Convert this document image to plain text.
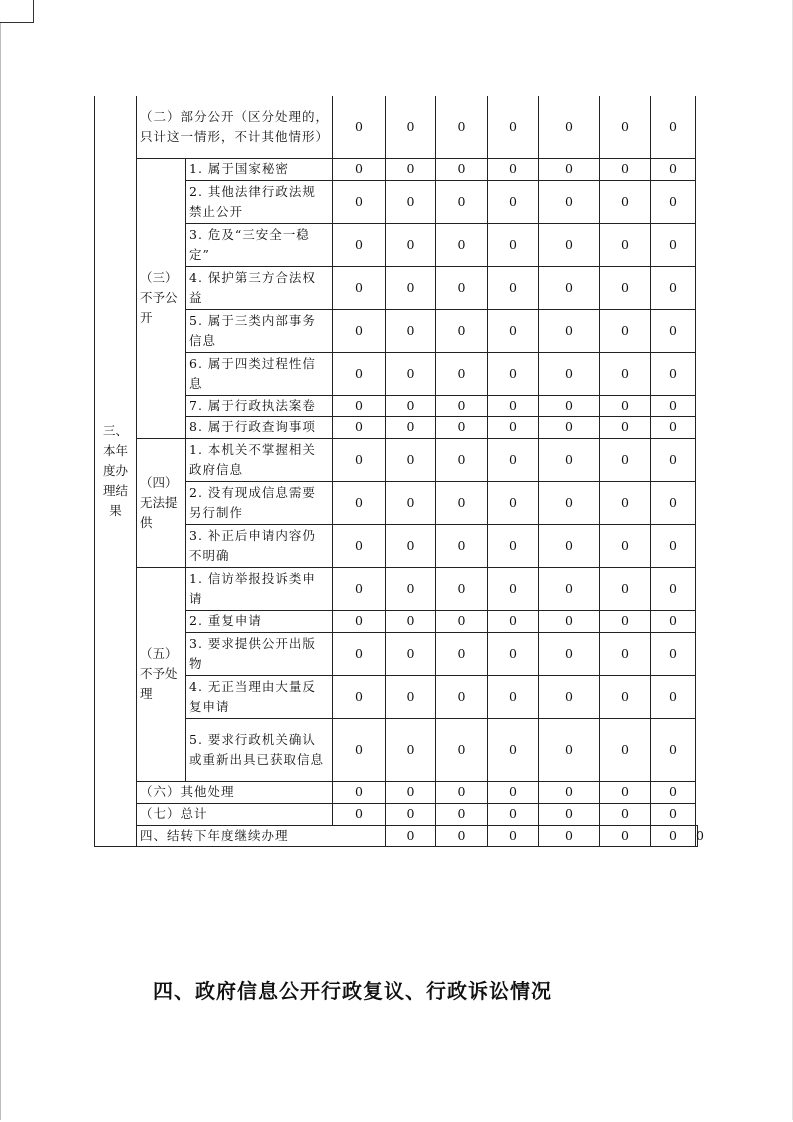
三、本年度办理结果	（二）部分公开（区分处理的，只计这一情形，不计其他情形）		0	0	0	0	0	0	0	
	（三）不予公开	1. 属于国家秘密	0	0	0	0	0	0	0	
		2. 其他法律行政法规禁止公开	0	0	0	0	0	0	0	
		3. 危及“三安全一稳定”	0	0	0	0	0	0	0	
		4. 保护第三方合法权益	0	0	0	0	0	0	0	
		5. 属于三类内部事务信息	0	0	0	0	0	0	0	
		6. 属于四类过程性信息	0	0	0	0	0	0	0	
		7. 属于行政执法案卷	0	0	0	0	0	0	0	
		8. 属于行政查询事项	0	0	0	0	0	0	0	
	（四）无法提供	1. 本机关不掌握相关政府信息	0	0	0	0	0	0	0	
		2. 没有现成信息需要另行制作	0	0	0	0	0	0	0	
		3. 补正后申请内容仍不明确	0	0	0	0	0	0	0	
	（五）不予处理	1. 信访举报投诉类申请	0	0	0	0	0	0	0	
		2. 重复申请	0	0	0	0	0	0	0	
		3. 要求提供公开出版物	0	0	0	0	0	0	0	
		4. 无正当理由大量反复申请	0	0	0	0	0	0	0	
		5. 要求行政机关确认或重新出具已获取信息	0	0	0	0	0	0	0	
	（六）其他处理		0	0	0	0	0	0	0	
	（七）总计		0	0	0	0	0	0	0	
	四、结转下年度继续办理			0	0	0	0	0	0	0
四、政府信息公开行政复议、行政诉讼情况
